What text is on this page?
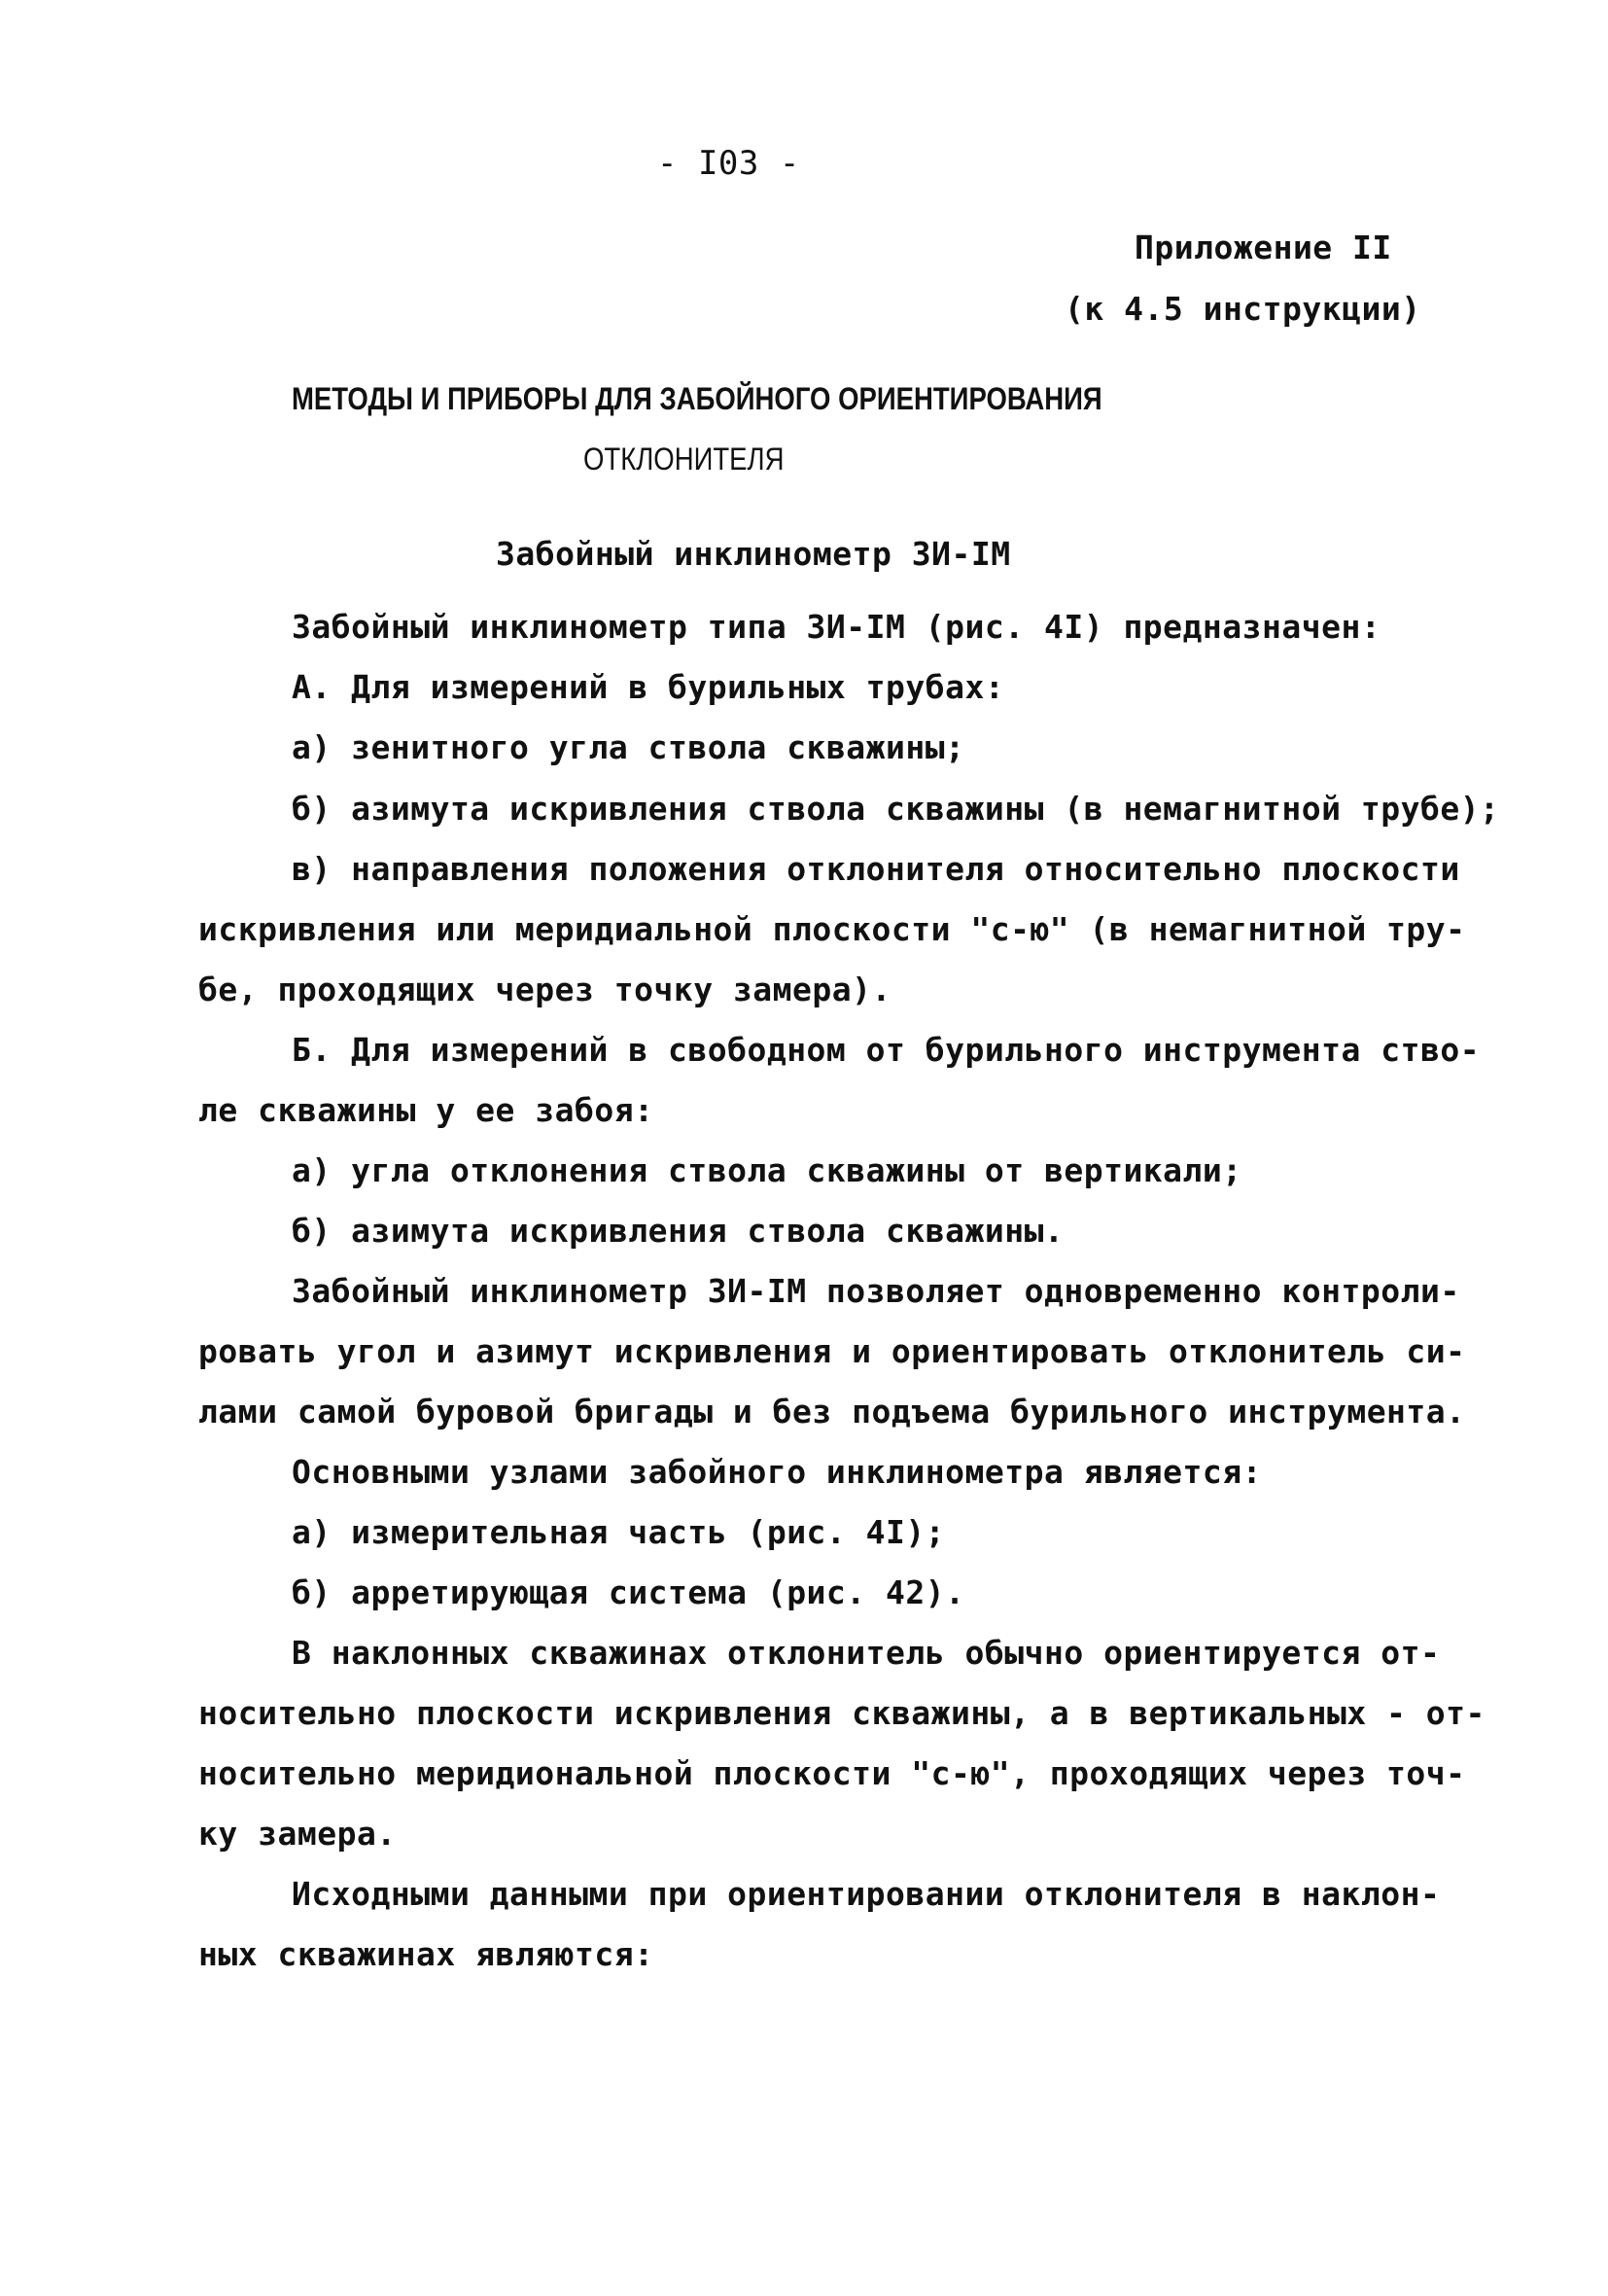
- I03 -
Приложение II
(к 4.5 инструкции)
МЕТОДЫ И ПРИБОРЫ ДЛЯ ЗАБОЙНОГО ОРИЕНТИРОВАНИЯ
ОТКЛОНИТЕЛЯ
Забойный инклинометр ЗИ-IМ
Забойный инклинометр типа ЗИ-IМ (рис. 4I) предназначен:
А. Для измерений в бурильных трубах:
а) зенитного угла ствола скважины;
б) азимута искривления ствола скважины (в немагнитной трубе);
в) направления положения отклонителя относительно плоскости
искривления или меридиальной плоскости "с-ю" (в немагнитной тру-
бе, проходящих через точку замера).
Б. Для измерений в свободном от бурильного инструмента ство-
ле скважины у ее забоя:
а) угла отклонения ствола скважины от вертикали;
б) азимута искривления ствола скважины.
Забойный инклинометр ЗИ-IМ позволяет одновременно контроли-
ровать угол и азимут искривления и ориентировать отклонитель си-
лами самой буровой бригады и без подъема бурильного инструмента.
Основными узлами забойного инклинометра является:
а) измерительная часть (рис. 4I);
б) арретирующая система (рис. 42).
В наклонных скважинах отклонитель обычно ориентируется от-
носительно плоскости искривления скважины, а в вертикальных - от-
носительно меридиональной плоскости "с-ю", проходящих через точ-
ку замера.
Исходными данными при ориентировании отклонителя в наклон-
ных скважинах являются:
